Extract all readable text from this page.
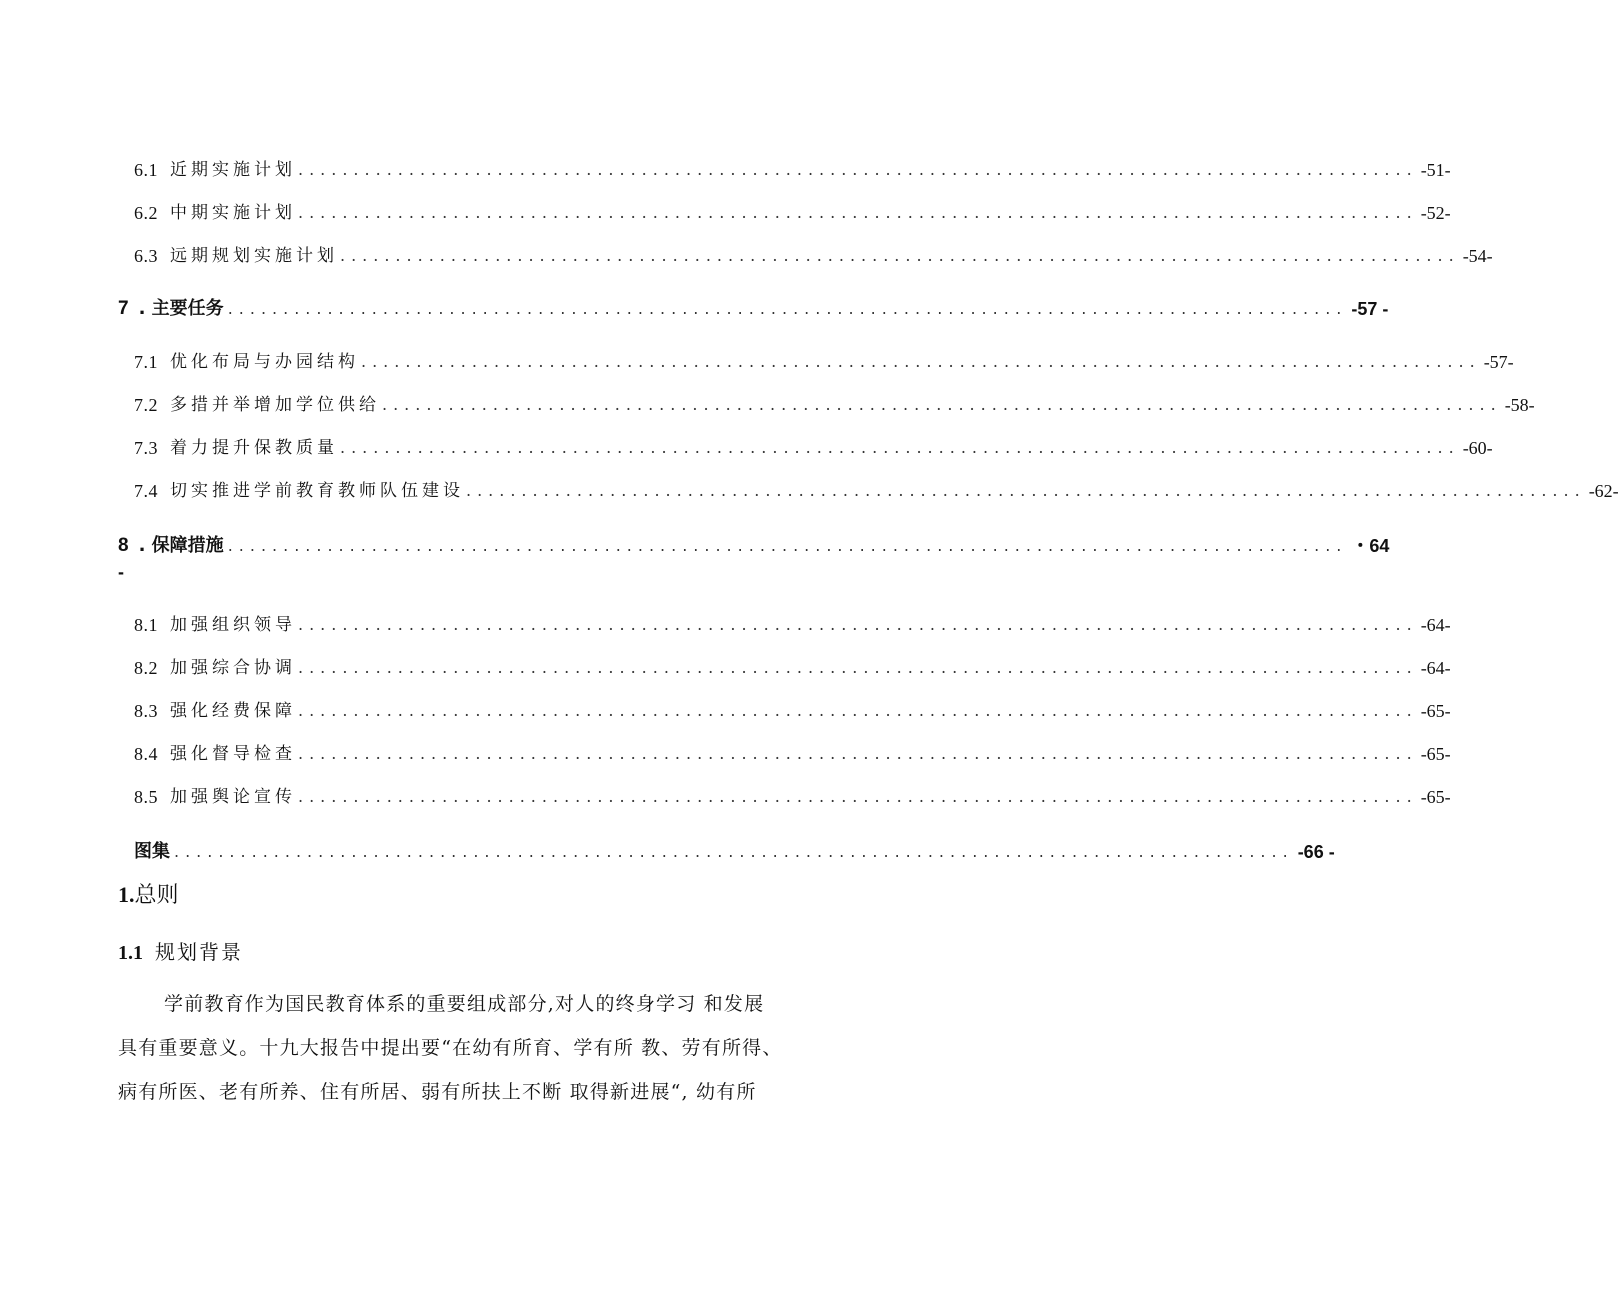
6.1 近期实施计划 ..................................................................................................... -51-
6.2 中期实施计划 ..................................................................................................... -52-
6.3 远期规划实施计划 ..................................................................................................... -54-
7 . 主要任务 ..................................................................................................... -57 -
7.1 优化布局与办园结构 ..................................................................................................... -57-
7.2 多措并举增加学位供给 ..................................................................................................... -58-
7.3 着力提升保教质量 ..................................................................................................... -60-
7.4 切实推进学前教育教师队伍建设 ..................................................................................................... -62-
8 . 保障措施 ..................................................................................................... ・64
-
8.1 加强组织领导 ..................................................................................................... -64-
8.2 加强综合协调 ..................................................................................................... -64-
8.3 强化经费保障 ..................................................................................................... -65-
8.4 强化督导检查 ..................................................................................................... -65-
8.5 加强舆论宣传 ..................................................................................................... -65-
图集 ..................................................................................................... -66 -
1.总则
1.1 规划背景

学前教育作为国民教育体系的重要组成部分,对人的终身学习 和发展

具有重要意义。十九大报告中提出要“在幼有所育、学有所 教、劳有所得、

病有所医、老有所养、住有所居、弱有所扶上不断 取得新进展“, 幼有所
